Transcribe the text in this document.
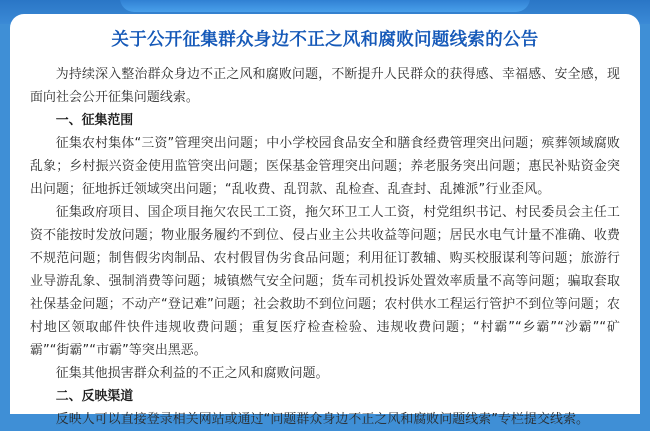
关于公开征集群众身边不正之风和腐败问题线索的公告

为持续深入整治群众身边不正之风和腐败问题，不断提升人民群众的获得感、幸福感、安全感，现面向社会公开征集问题线索。

一、征集范围

征集农村集体“三资”管理突出问题；中小学校园食品安全和膳食经费管理突出问题；殡葬领域腐败乱象；乡村振兴资金使用监管突出问题；医保基金管理突出问题；养老服务突出问题；惠民补贴资金突出问题；征地拆迁领域突出问题；“乱收费、乱罚款、乱检查、乱查封、乱摊派”行业歪风。

征集政府项目、国企项目拖欠农民工工资，拖欠环卫工人工资，村党组织书记、村民委员会主任工资不能按时发放问题；物业服务履约不到位、侵占业主公共收益等问题；居民水电气计量不准确、收费不规范问题；制售假劣肉制品、农村假冒伪劣食品问题；利用征订教辅、购买校服谋利等问题；旅游行业导游乱象、强制消费等问题；城镇燃气安全问题；货车司机投诉处置效率质量不高等问题；骗取套取社保基金问题；不动产“登记难”问题；社会救助不到位问题；农村供水工程运行管护不到位等问题；农村地区领取邮件快件违规收费问题；重复医疗检查检验、违规收费问题；“村霸”“乡霸”“沙霸”“矿霸”“街霸”“市霸”等突出黑恶。

征集其他损害群众利益的不正之风和腐败问题。

二、反映渠道

反映人可以直接登录相关网站或通过“问题群众身边不正之风和腐败问题线索”专栏提交线索。
